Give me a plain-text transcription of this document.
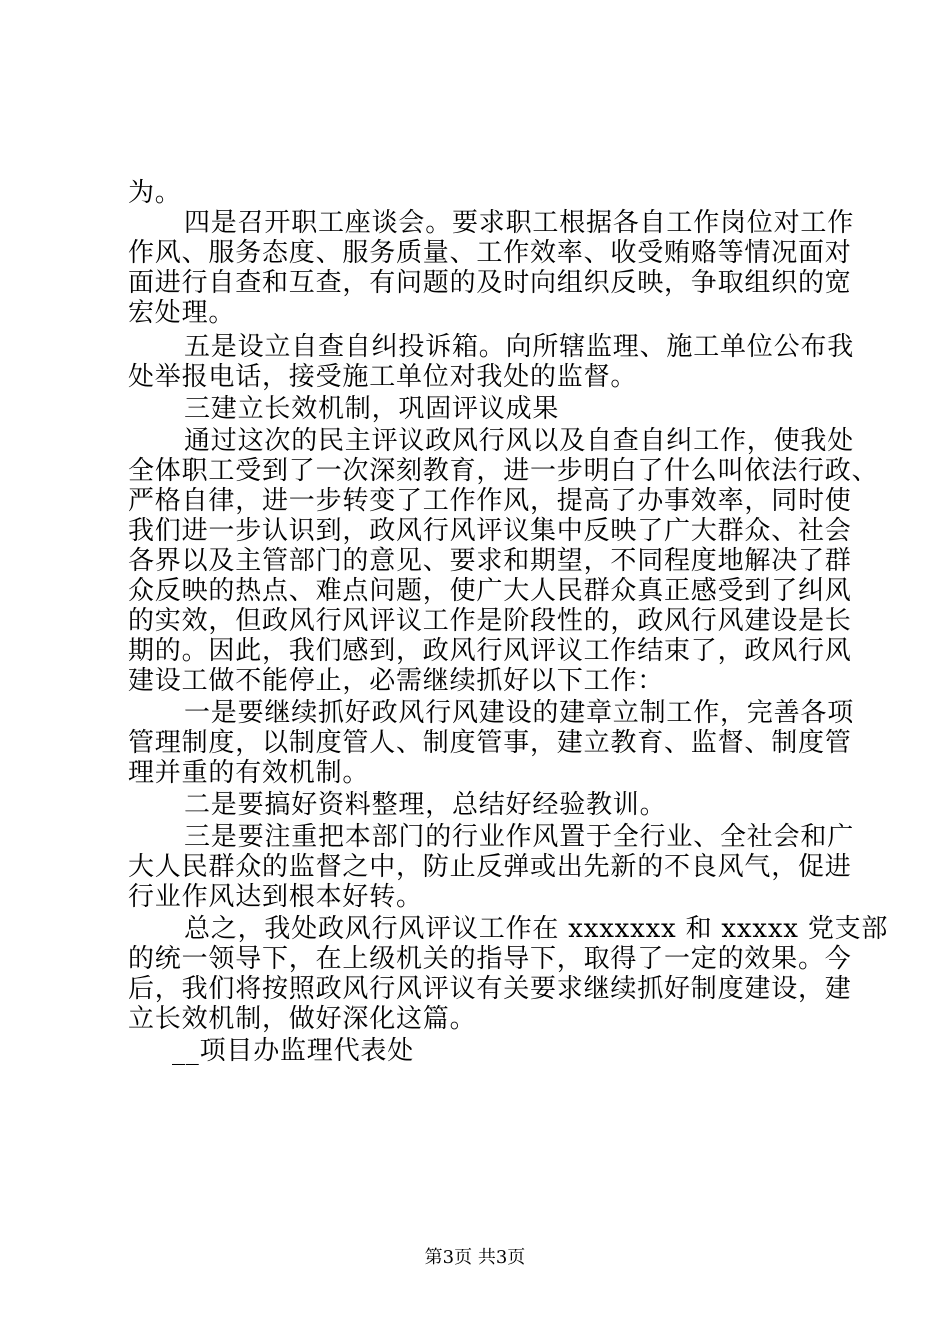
为。
四是召开职工座谈会。要求职工根据各自工作岗位对工作
作风、服务态度、服务质量、工作效率、收受贿赂等情况面对
面进行自查和互查，有问题的及时向组织反映，争取组织的宽
宏处理。
五是设立自查自纠投诉箱。向所辖监理、施工单位公布我
处举报电话，接受施工单位对我处的监督。
三建立长效机制，巩固评议成果
通过这次的民主评议政风行风以及自查自纠工作，使我处
全体职工受到了一次深刻教育，进一步明白了什么叫依法行政、
严格自律，进一步转变了工作作风，提高了办事效率，同时使
我们进一步认识到，政风行风评议集中反映了广大群众、社会
各界以及主管部门的意见、要求和期望，不同程度地解决了群
众反映的热点、难点问题，使广大人民群众真正感受到了纠风
的实效，但政风行风评议工作是阶段性的，政风行风建设是长
期的。因此，我们感到，政风行风评议工作结束了，政风行风
建设工做不能停止，必需继续抓好以下工作：
一是要继续抓好政风行风建设的建章立制工作，完善各项
管理制度，以制度管人、制度管事，建立教育、监督、制度管
理并重的有效机制。
二是要搞好资料整理，总结好经验教训。
三是要注重把本部门的行业作风置于全行业、全社会和广
大人民群众的监督之中，防止反弹或出先新的不良风气，促进
行业作风达到根本好转。
总之，我处政风行风评议工作在 xxxxxxx 和 xxxxx 党支部
的统一领导下，在上级机关的指导下，取得了一定的效果。今
后，我们将按照政风行风评议有关要求继续抓好制度建设，建
立长效机制，做好深化这篇。
__项目办监理代表处
第3页 共3页
